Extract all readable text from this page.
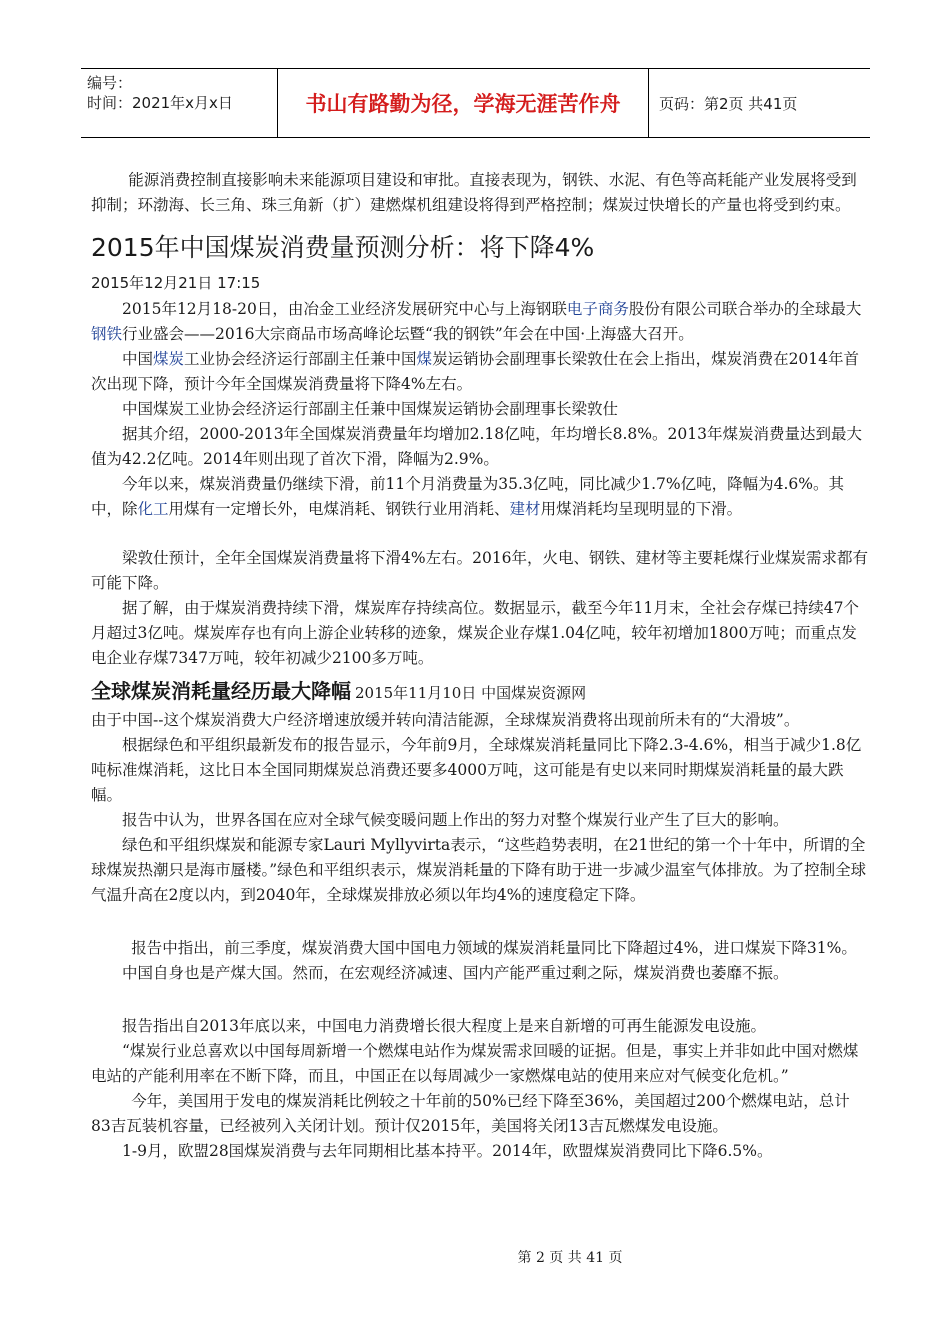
编号：
时间：2021年x月x日	书山有路勤为径，学海无涯苦作舟	页码：第2页 共41页

能源消费控制直接影响未来能源项目建设和审批。直接表现为，钢铁、水泥、有色等高耗能产业发展将受到抑制；环渤海、长三角、珠三角新（扩）建燃煤机组建设将得到严格控制；煤炭过快增长的产量也将受到约束。

2015年中国煤炭消费量预测分析：将下降4%
2015年12月21日 17:15

2015年12月18-20日，由冶金工业经济发展研究中心与上海钢联电子商务股份有限公司联合举办的全球最大钢铁行业盛会——2016大宗商品市场高峰论坛暨“我的钢铁”年会在中国·上海盛大召开。

中国煤炭工业协会经济运行部副主任兼中国煤炭运销协会副理事长梁敦仕在会上指出，煤炭消费在2014年首次出现下降，预计今年全国煤炭消费量将下降4%左右。

中国煤炭工业协会经济运行部副主任兼中国煤炭运销协会副理事长梁敦仕

据其介绍，2000-2013年全国煤炭消费量年均增加2.18亿吨，年均增长8.8%。2013年煤炭消费量达到最大值为42.2亿吨。2014年则出现了首次下滑，降幅为2.9%。

今年以来，煤炭消费量仍继续下滑，前11个月消费量为35.3亿吨，同比减少1.7%亿吨，降幅为4.6%。其中，除化工用煤有一定增长外，电煤消耗、钢铁行业用消耗、建材用煤消耗均呈现明显的下滑。

梁敦仕预计，全年全国煤炭消费量将下滑4%左右。2016年，火电、钢铁、建材等主要耗煤行业煤炭需求都有可能下降。

据了解，由于煤炭消费持续下滑，煤炭库存持续高位。数据显示，截至今年11月末，全社会存煤已持续47个月超过3亿吨。煤炭库存也有向上游企业转移的迹象，煤炭企业存煤1.04亿吨，较年初增加1800万吨；而重点发电企业存煤7347万吨，较年初减少2100多万吨。

全球煤炭消耗量经历最大降幅 2015年11月10日 中国煤炭资源网

由于中国--这个煤炭消费大户经济增速放缓并转向清洁能源，全球煤炭消费将出现前所未有的“大滑坡”。

根据绿色和平组织最新发布的报告显示，今年前9月，全球煤炭消耗量同比下降2.3-4.6%，相当于减少1.8亿吨标准煤消耗，这比日本全国同期煤炭总消费还要多4000万吨，这可能是有史以来同时期煤炭消耗量的最大跌幅。

报告中认为，世界各国在应对全球气候变暖问题上作出的努力对整个煤炭行业产生了巨大的影响。

绿色和平组织煤炭和能源专家Lauri Myllyvirta表示，“这些趋势表明，在21世纪的第一个十年中，所谓的全球煤炭热潮只是海市蜃楼。”绿色和平组织表示，煤炭消耗量的下降有助于进一步减少温室气体排放。为了控制全球气温升高在2度以内，到2040年，全球煤炭排放必须以年均4%的速度稳定下降。

报告中指出，前三季度，煤炭消费大国中国电力领域的煤炭消耗量同比下降超过4%，进口煤炭下降31%。

中国自身也是产煤大国。然而，在宏观经济减速、国内产能严重过剩之际，煤炭消费也萎靡不振。

报告指出自2013年底以来，中国电力消费增长很大程度上是来自新增的可再生能源发电设施。

“煤炭行业总喜欢以中国每周新增一个燃煤电站作为煤炭需求回暖的证据。但是，事实上并非如此中国对燃煤电站的产能利用率在不断下降，而且，中国正在以每周减少一家燃煤电站的使用来应对气候变化危机。”

今年，美国用于发电的煤炭消耗比例较之十年前的50%已经下降至36%，美国超过200个燃煤电站，总计83吉瓦装机容量，已经被列入关闭计划。预计仅2015年，美国将关闭13吉瓦燃煤发电设施。

1-9月，欧盟28国煤炭消费与去年同期相比基本持平。2014年，欧盟煤炭消费同比下降6.5%。

第 2 页 共 41 页
